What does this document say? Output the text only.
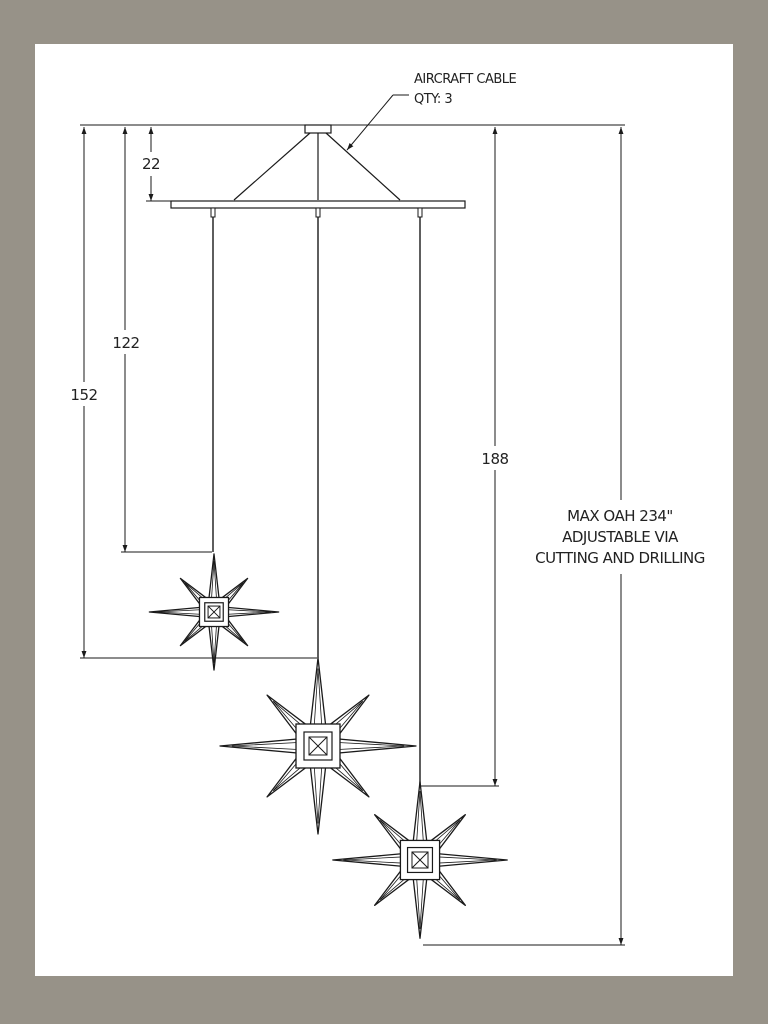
AIRCRAFT CABLE
QTY: 3
22
122
152
188
MAX OAH 234"
ADJUSTABLE VIA
CUTTING AND DRILLING
